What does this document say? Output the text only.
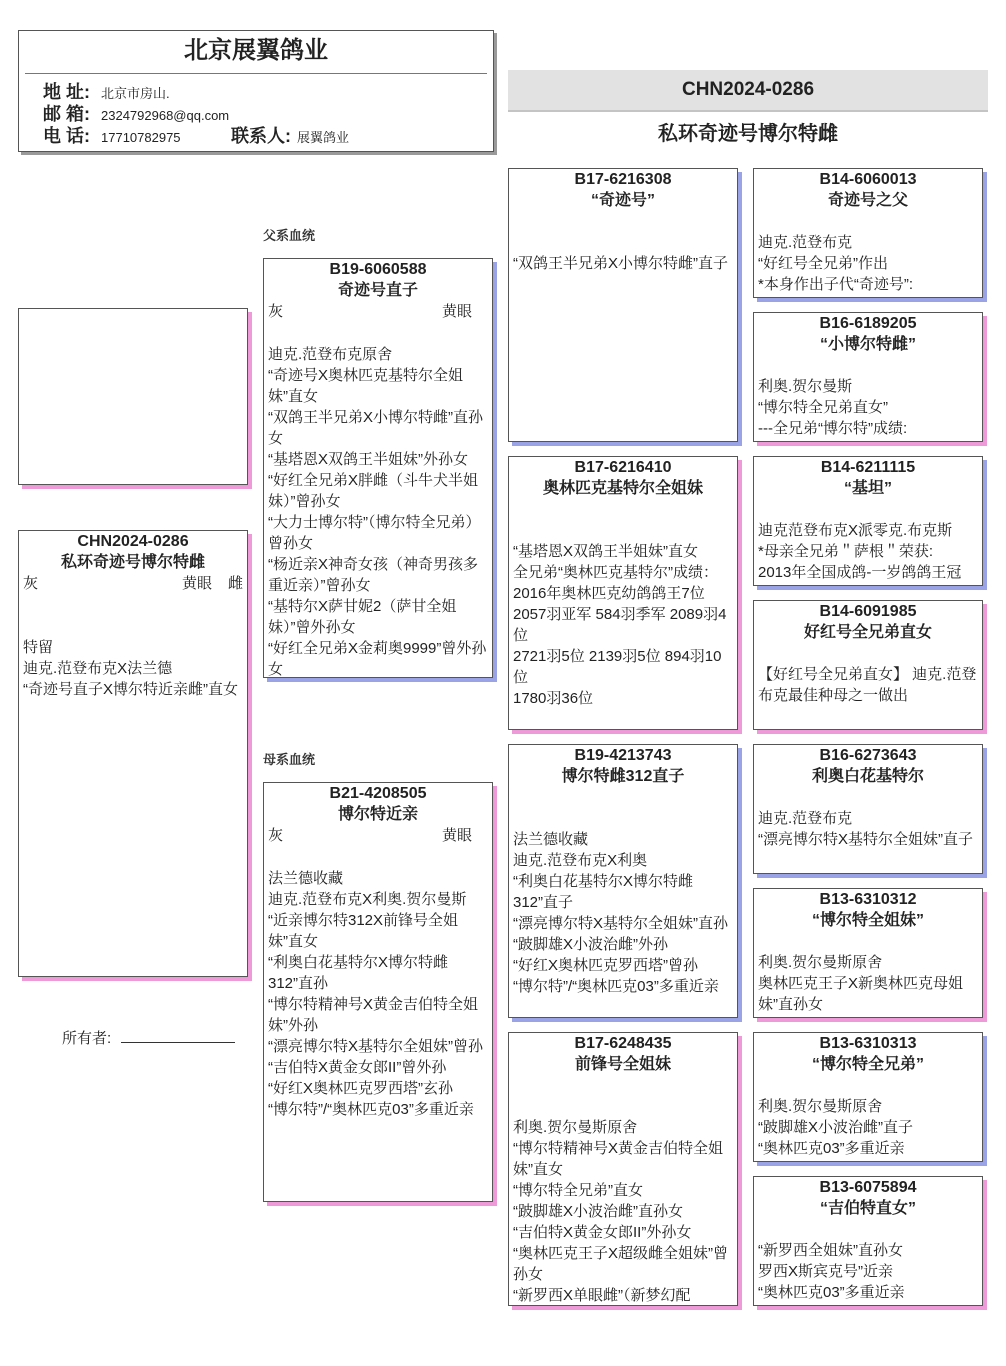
北京展翼鸽业
地 址: 北京市房山.
邮 箱: 2324792968@qq.com
电 话: 17710782975	联系人: 展翼鸽业
CHN2024-0286
私环奇迹号博尔特雌
CHN2024-0286
私环奇迹号博尔特雌
灰	黄眼 雌
特留
迪克.范登布克X法兰德
“奇迹号直子X博尔特近亲雌”直女
所有者:
父系血统
母系血统
B19-6060588
奇迹号直子
灰	黄眼
迪克.范登布克原舍
“奇迹号X奥林匹克基特尔全姐妹”直女
“双鸽王半兄弟X小博尔特雌”直孙女
“基塔恩X双鸽王半姐妹”外孙女
“好红全兄弟X胖雌（斗牛犬半姐妹）”曾孙女
“大力士博尔特”（博尔特全兄弟）曾孙女
“杨近亲X神奇女孩（神奇男孩多重近亲）”曾孙女
“基特尔X萨甘妮2（萨甘全姐妹）”曾外孙女
“好红全兄弟X金莉奥9999”曾外孙女
B21-4208505
博尔特近亲
灰	黄眼
法兰德收藏
迪克.范登布克X利奥.贺尔曼斯
“近亲博尔特312X前锋号全姐妹”直女
“利奥白花基特尔X博尔特雌312”直孙
“博尔特精神号X黄金吉伯特全姐妹”外孙
“漂亮博尔特X基特尔全姐妹”曾孙
“吉伯特X黄金女郎II”曾外孙
“好红X奥林匹克罗西塔”玄孙
“博尔特”/“奥林匹克03”多重近亲
B17-6216308
“奇迹号”
“双鸽王半兄弟X小博尔特雌”直子
B17-6216410
奥林匹克基特尔全姐妹
“基塔恩X双鸽王半姐妹”直女
全兄弟“奥林匹克基特尔”成绩：
2016年奥林匹克幼鸽鸽王7位
2057羽亚军 584羽季军 2089羽4位
2721羽5位 2139羽5位 894羽10位
1780羽36位
B19-4213743
博尔特雌312直子
法兰德收藏
迪克.范登布克X利奥
“利奥白花基特尔X博尔特雌312”直子
“漂亮博尔特X基特尔全姐妹”直孙
“跛脚雄X小波治雌”外孙
“好红X奥林匹克罗西塔”曾孙
“博尔特”/“奥林匹克03”多重近亲
B17-6248435
前锋号全姐妹
利奥.贺尔曼斯原舍
“博尔特精神号X黄金吉伯特全姐妹”直女
“博尔特全兄弟”直女
“跛脚雄X小波治雌”直孙女
“吉伯特X黄金女郎II”外孙女
“奥林匹克王子X超级雌全姐妹”曾孙女
“新罗西X单眼雌”（新梦幻配
B14-6060013
奇迹号之父
迪克.范登布克
“好红号全兄弟”作出
*本身作出子代“奇迹号”:
B16-6189205
“小博尔特雌”
利奥.贺尔曼斯
“博尔特全兄弟直女”
---全兄弟“博尔特”成绩:
B14-6211115
“基坦”
迪克范登布克X派零克.布克斯
*母亲全兄弟＂萨根＂荣获:
2013年全国成鸽-一岁鸽鸽王冠
B14-6091985
好红号全兄弟直女
【好红号全兄弟直女】 迪克.范登布克最佳种母之一做出
B16-6273643
利奥白花基特尔
迪克.范登布克
“漂亮博尔特X基特尔全姐妹”直子
B13-6310312
“博尔特全姐妹”
利奥.贺尔曼斯原舍
奥林匹克王子X新奥林匹克母姐妹”直孙女
B13-6310313
“博尔特全兄弟”
利奥.贺尔曼斯原舍
“跛脚雄X小波治雌”直子
“奥林匹克03”多重近亲
B13-6075894
“吉伯特直女”
“新罗西全姐妹”直孙女
罗西X斯宾克号”近亲
“奥林匹克03”多重近亲
